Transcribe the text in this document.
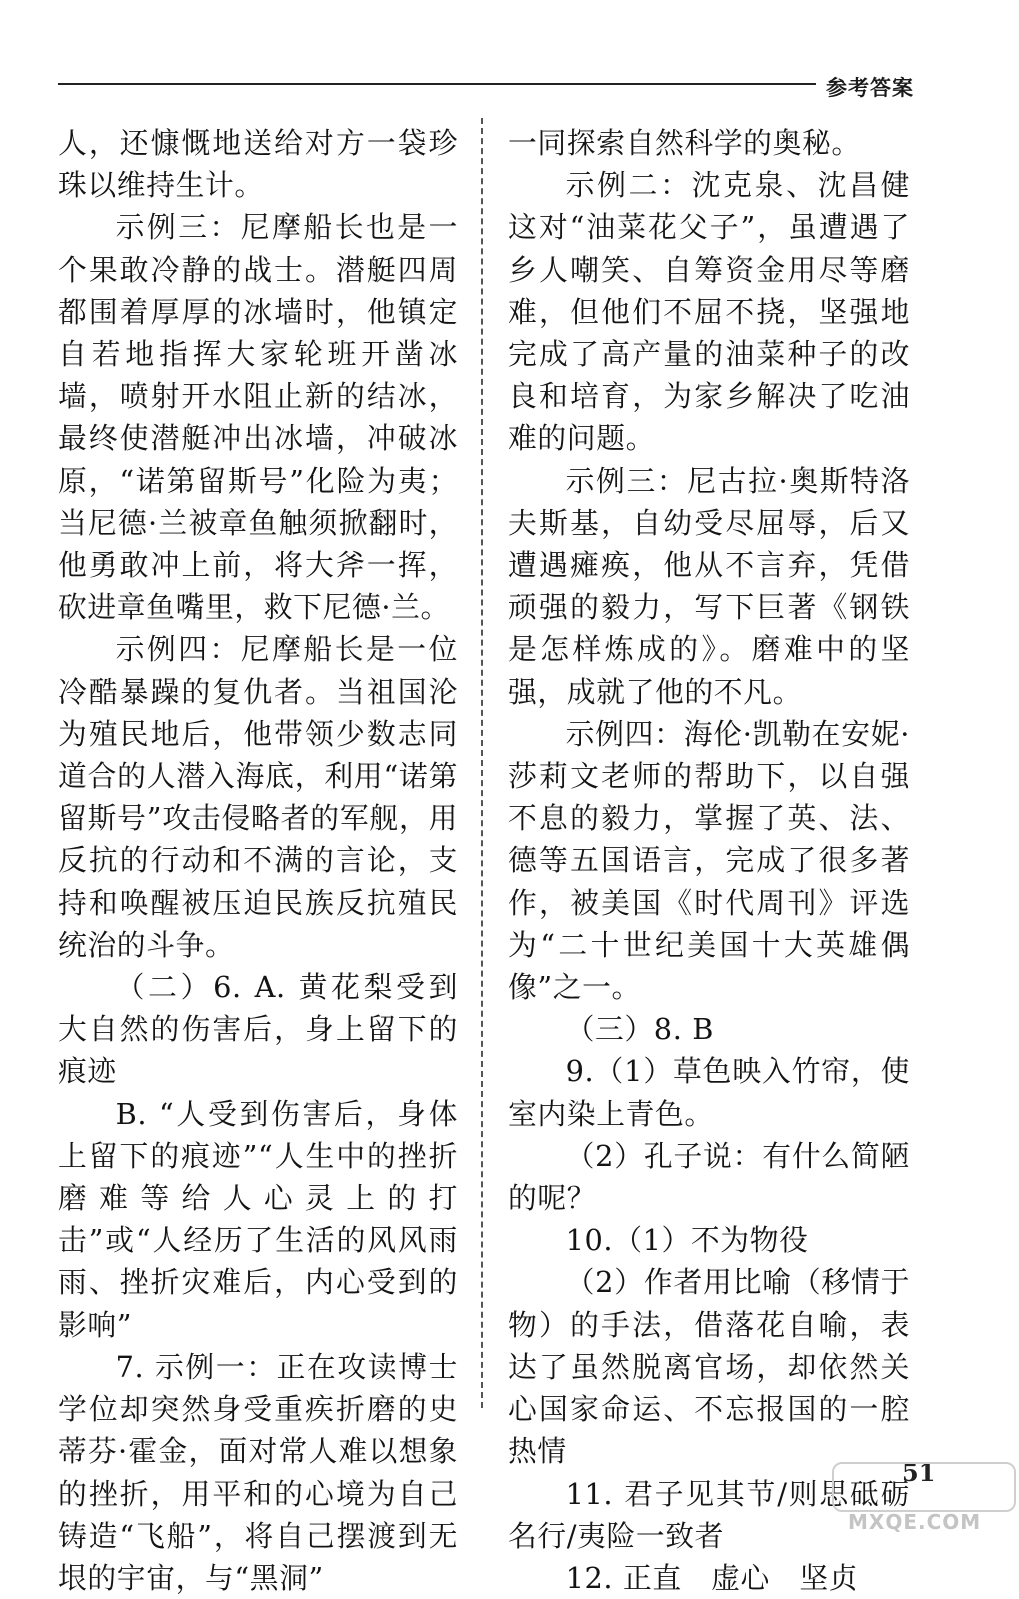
参考答案

人，还慷慨地送给对方一袋珍珠以维持生计。

示例三：尼摩船长也是一个果敢冷静的战士。潜艇四周都围着厚厚的冰墙时，他镇定自若地指挥大家轮班开凿冰墙，喷射开水阻止新的结冰，最终使潜艇冲出冰墙，冲破冰原，“诺第留斯号”化险为夷；当尼德·兰被章鱼触须掀翻时，他勇敢冲上前，将大斧一挥，砍进章鱼嘴里，救下尼德·兰。

示例四：尼摩船长是一位冷酷暴躁的复仇者。当祖国沦为殖民地后，他带领少数志同道合的人潜入海底，利用“诺第留斯号”攻击侵略者的军舰，用反抗的行动和不满的言论，支持和唤醒被压迫民族反抗殖民统治的斗争。

（二）6. A. 黄花梨受到大自然的伤害后，身上留下的痕迹

B. “人受到伤害后，身体上留下的痕迹”“人生中的挫折磨难等给人心灵上的打击”或“人经历了生活的风风雨雨、挫折灾难后，内心受到的影响”

7. 示例一：正在攻读博士学位却突然身受重疾折磨的史蒂芬·霍金，面对常人难以想象的挫折，用平和的心境为自己铸造“飞船”，将自己摆渡到无垠的宇宙，与“黑洞”

一同探索自然科学的奥秘。

示例二：沈克泉、沈昌健这对“油菜花父子”，虽遭遇了乡人嘲笑、自筹资金用尽等磨难，但他们不屈不挠，坚强地完成了高产量的油菜种子的改良和培育，为家乡解决了吃油难的问题。

示例三：尼古拉·奥斯特洛夫斯基，自幼受尽屈辱，后又遭遇瘫痪，他从不言弃，凭借顽强的毅力，写下巨著《钢铁是怎样炼成的》。磨难中的坚强，成就了他的不凡。

示例四：海伦·凯勒在安妮·莎莉文老师的帮助下，以自强不息的毅力，掌握了英、法、德等五国语言，完成了很多著作，被美国《时代周刊》评选为“二十世纪美国十大英雄偶像”之一。

（三）8. B

9.（1）草色映入竹帘，使室内染上青色。

（2）孔子说：有什么简陋的呢？

10.（1）不为物役

（2）作者用比喻（移情于物）的手法，借落花自喻，表达了虽然脱离官场，却依然关心国家命运、不忘报国的一腔热情

11. 君子见其节/则思砥砺名行/夷险一致者

12. 正直　虚心　坚贞

51
MXQE.COM
